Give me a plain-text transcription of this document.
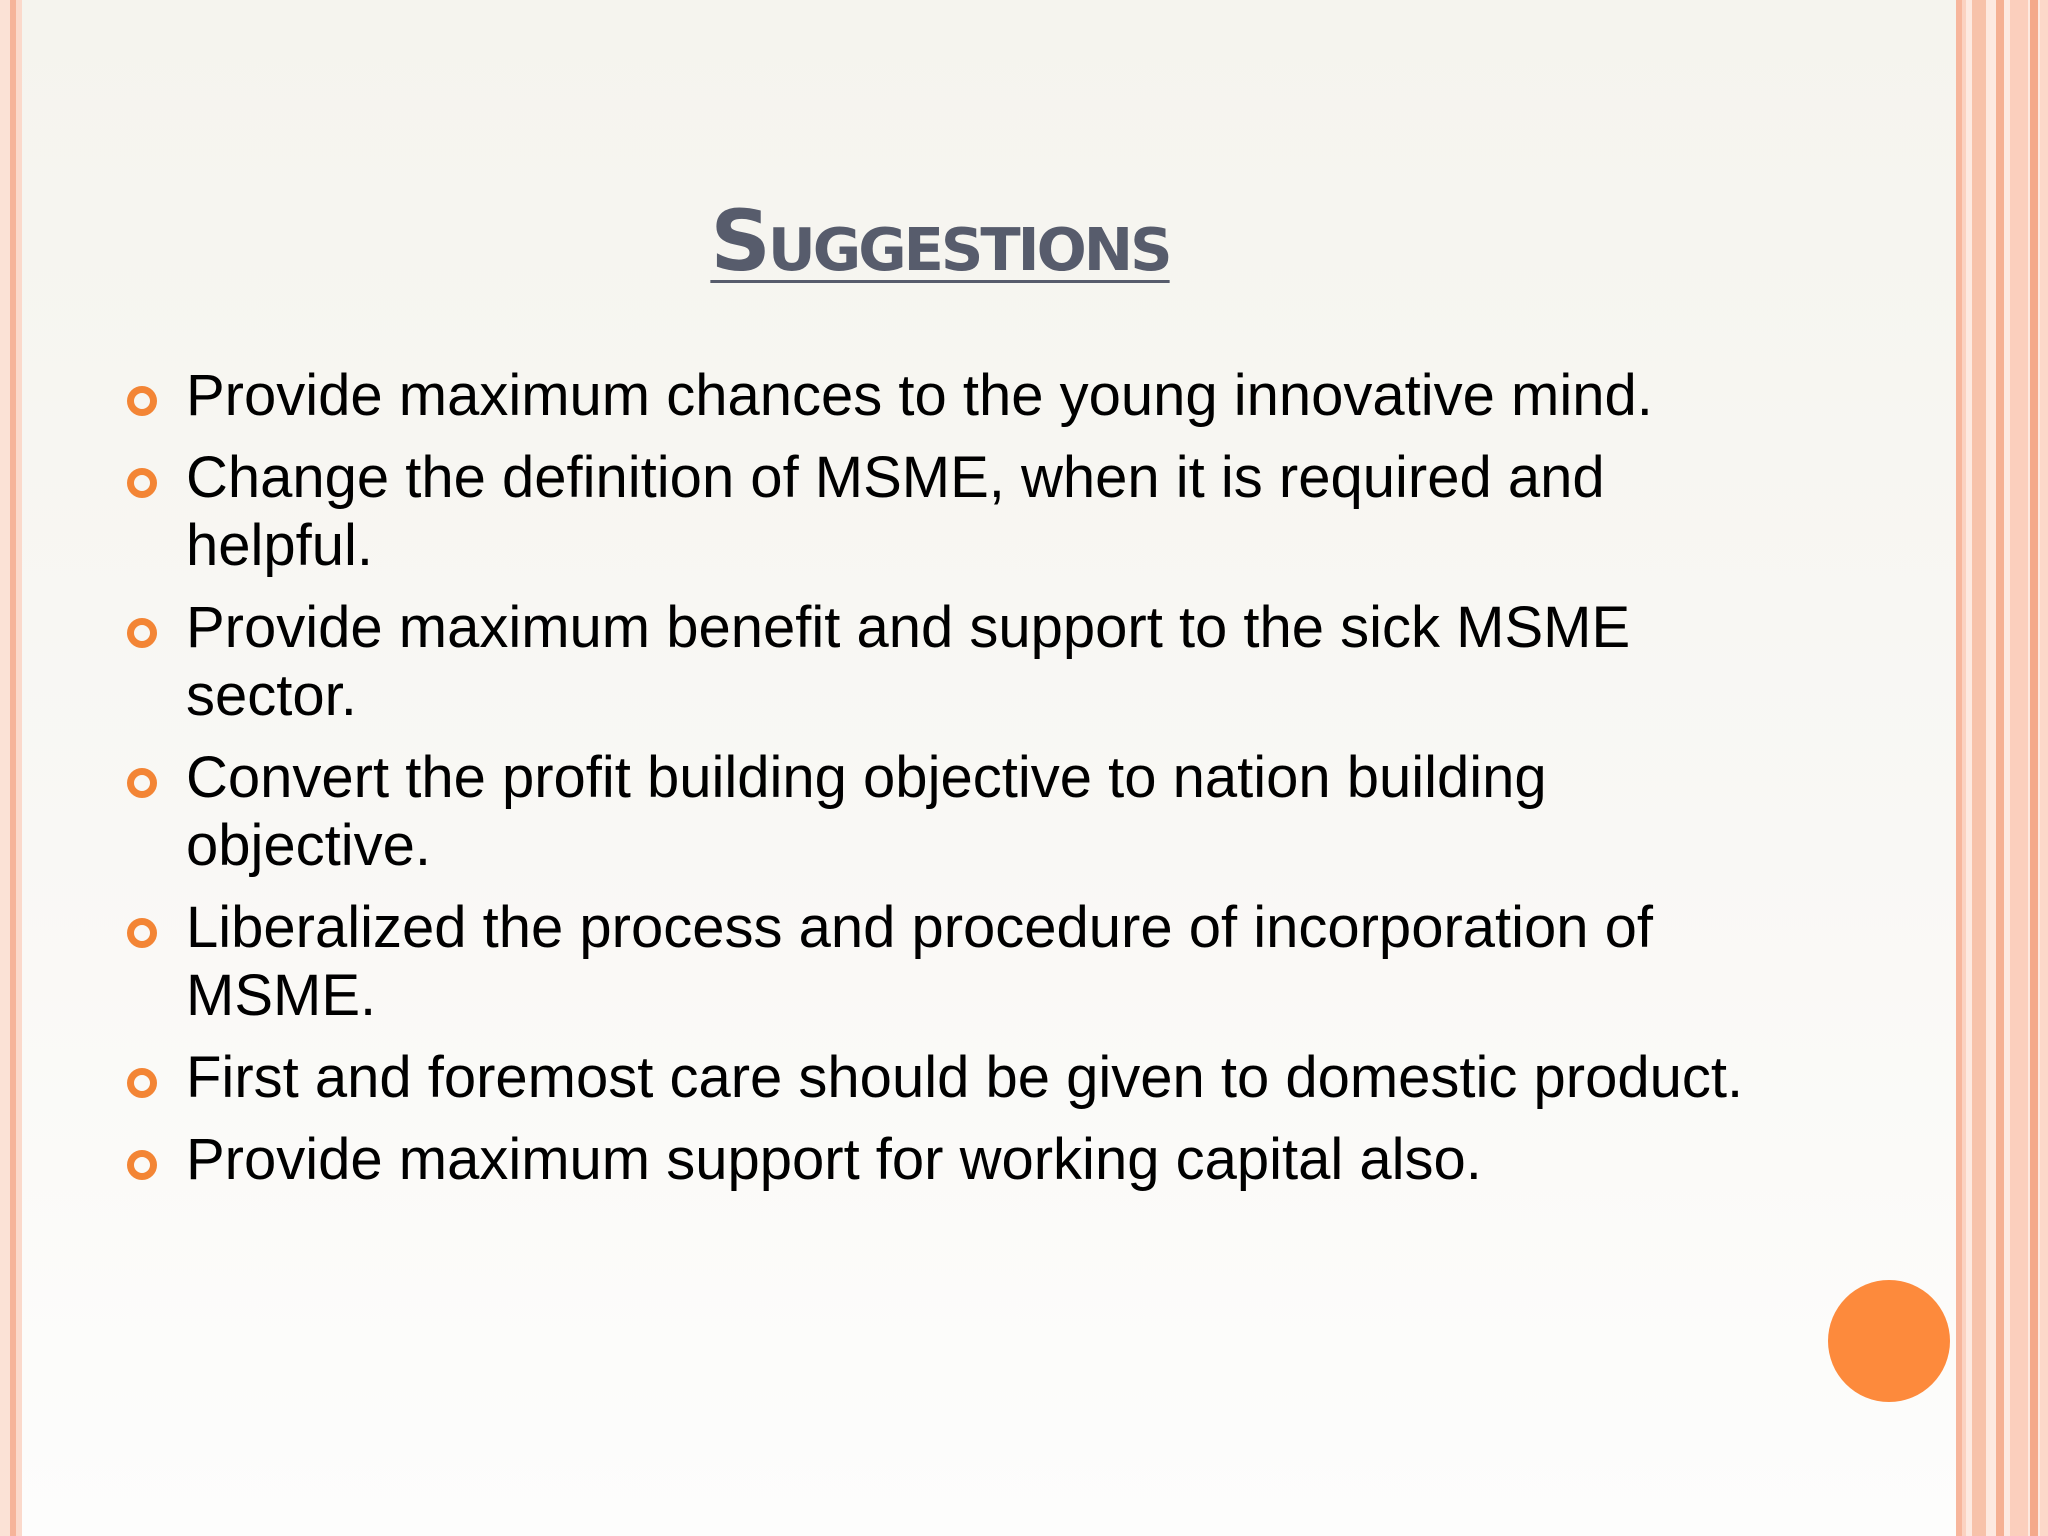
Suggestions
Provide maximum chances to the young innovative mind.
Change the definition of MSME, when it is required and helpful.
Provide maximum benefit and support to the sick MSME sector.
Convert the profit building objective to nation building objective.
Liberalized the process and procedure of incorporation of MSME.
First and foremost care should be given to domestic product.
Provide maximum support for working capital also.
